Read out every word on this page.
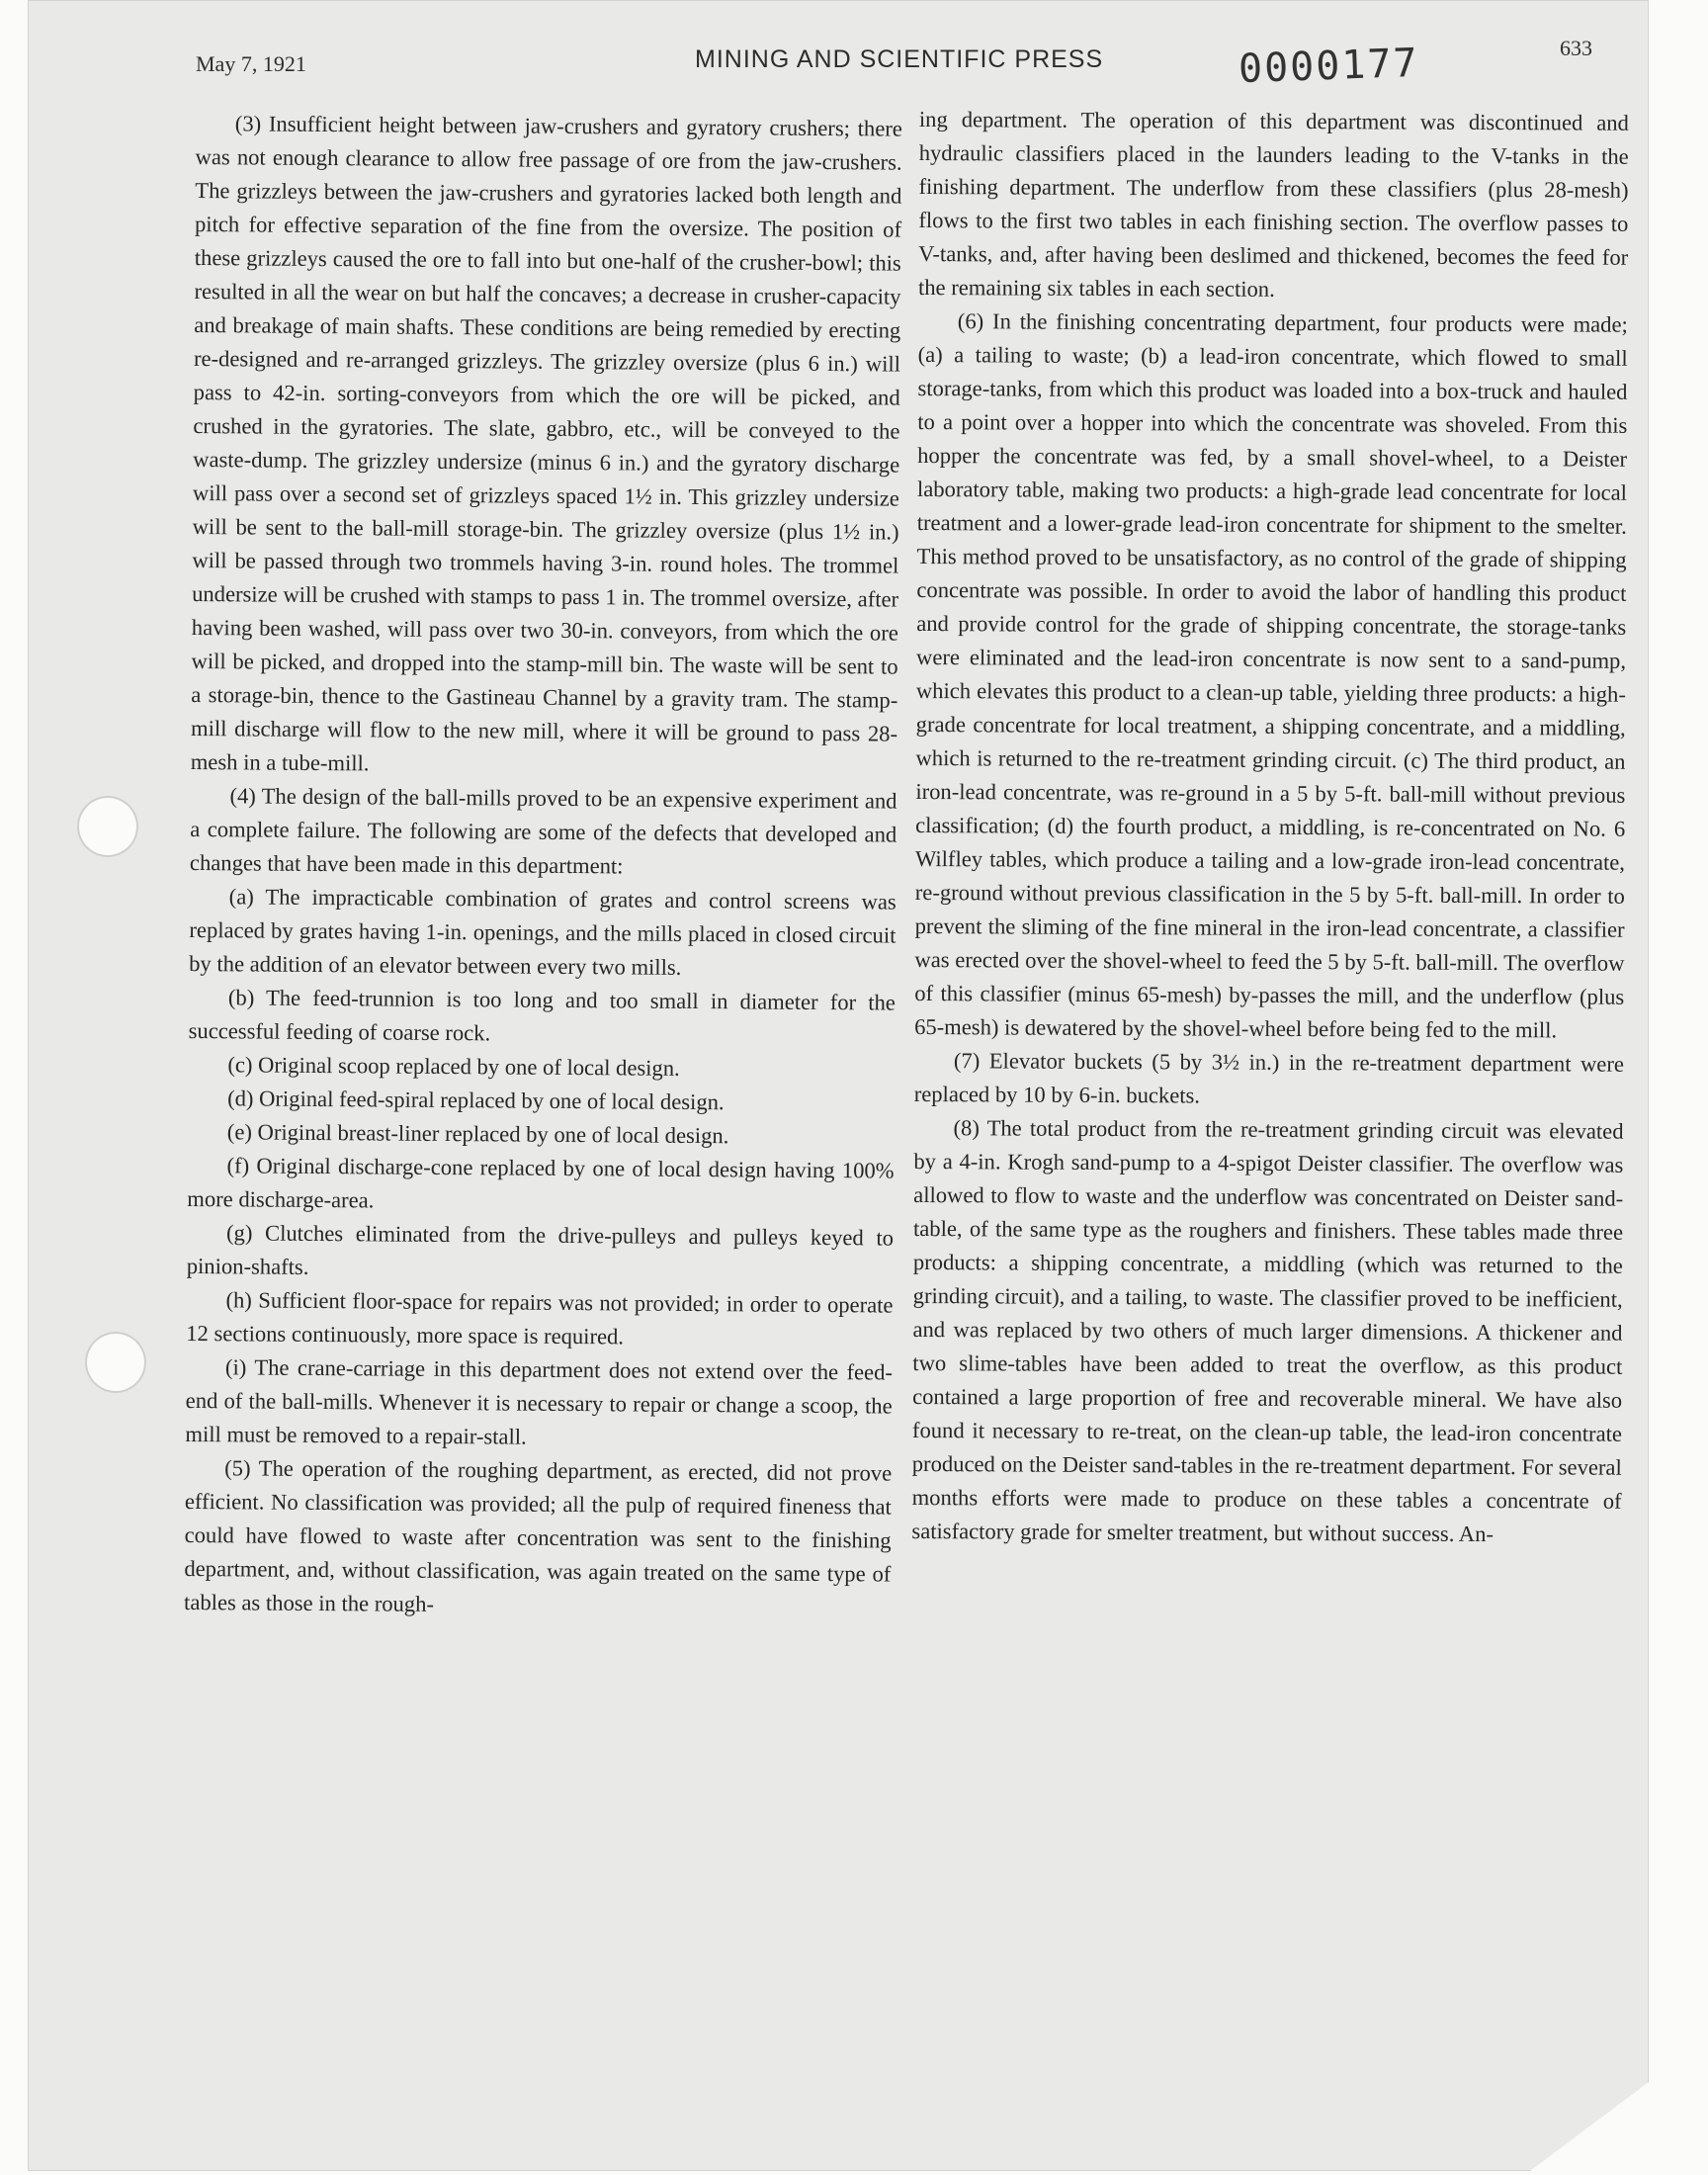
May 7, 1921	MINING AND SCIENTIFIC PRESS	633
0000177

(3) Insufficient height between jaw-crushers and gyratory crushers; there was not enough clearance to allow free passage of ore from the jaw-crushers. The grizzleys between the jaw-crushers and gyratories lacked both length and pitch for effective separation of the fine from the oversize. The position of these grizzleys caused the ore to fall into but one-half of the crusher-bowl; this resulted in all the wear on but half the concaves; a decrease in crusher-capacity and breakage of main shafts. These conditions are being remedied by erecting re-designed and re-arranged grizzleys. The grizzley oversize (plus 6 in.) will pass to 42-in. sorting-conveyors from which the ore will be picked, and crushed in the gyratories. The slate, gabbro, etc., will be conveyed to the waste-dump. The grizzley undersize (minus 6 in.) and the gyratory discharge will pass over a second set of grizzleys spaced 1½ in. This grizzley undersize will be sent to the ball-mill storage-bin. The grizzley oversize (plus 1½ in.) will be passed through two trommels having 3-in. round holes. The trommel undersize will be crushed with stamps to pass 1 in. The trommel oversize, after having been washed, will pass over two 30-in. conveyors, from which the ore will be picked, and dropped into the stamp-mill bin. The waste will be sent to a storage-bin, thence to the Gastineau Channel by a gravity tram. The stamp-mill discharge will flow to the new mill, where it will be ground to pass 28-mesh in a tube-mill.

(4) The design of the ball-mills proved to be an expensive experiment and a complete failure. The following are some of the defects that developed and changes that have been made in this department:

(a) The impracticable combination of grates and control screens was replaced by grates having 1-in. openings, and the mills placed in closed circuit by the addition of an elevator between every two mills.

(b) The feed-trunnion is too long and too small in diameter for the successful feeding of coarse rock.

(c) Original scoop replaced by one of local design.

(d) Original feed-spiral replaced by one of local design.

(e) Original breast-liner replaced by one of local design.

(f) Original discharge-cone replaced by one of local design having 100% more discharge-area.

(g) Clutches eliminated from the drive-pulleys and pulleys keyed to pinion-shafts.

(h) Sufficient floor-space for repairs was not provided; in order to operate 12 sections continuously, more space is required.

(i) The crane-carriage in this department does not extend over the feed-end of the ball-mills. Whenever it is necessary to repair or change a scoop, the mill must be removed to a repair-stall.

(5) The operation of the roughing department, as erected, did not prove efficient. No classification was provided; all the pulp of required fineness that could have flowed to waste after concentration was sent to the finishing department, and, without classification, was again treated on the same type of tables as those in the rough-

ing department. The operation of this department was discontinued and hydraulic classifiers placed in the launders leading to the V-tanks in the finishing department. The underflow from these classifiers (plus 28-mesh) flows to the first two tables in each finishing section. The overflow passes to V-tanks, and, after having been deslimed and thickened, becomes the feed for the remaining six tables in each section.

(6) In the finishing concentrating department, four products were made; (a) a tailing to waste; (b) a lead-iron concentrate, which flowed to small storage-tanks, from which this product was loaded into a box-truck and hauled to a point over a hopper into which the concentrate was shoveled. From this hopper the concentrate was fed, by a small shovel-wheel, to a Deister laboratory table, making two products: a high-grade lead concentrate for local treatment and a lower-grade lead-iron concentrate for shipment to the smelter. This method proved to be unsatisfactory, as no control of the grade of shipping concentrate was possible. In order to avoid the labor of handling this product and provide control for the grade of shipping concentrate, the storage-tanks were eliminated and the lead-iron concentrate is now sent to a sand-pump, which elevates this product to a clean-up table, yielding three products: a high-grade concentrate for local treatment, a shipping concentrate, and a middling, which is returned to the re-treatment grinding circuit. (c) The third product, an iron-lead concentrate, was re-ground in a 5 by 5-ft. ball-mill without previous classification; (d) the fourth product, a middling, is re-concentrated on No. 6 Wilfley tables, which produce a tailing and a low-grade iron-lead concentrate, re-ground without previous classification in the 5 by 5-ft. ball-mill. In order to prevent the sliming of the fine mineral in the iron-lead concentrate, a classifier was erected over the shovel-wheel to feed the 5 by 5-ft. ball-mill. The overflow of this classifier (minus 65-mesh) by-passes the mill, and the underflow (plus 65-mesh) is dewatered by the shovel-wheel before being fed to the mill.

(7) Elevator buckets (5 by 3½ in.) in the re-treatment department were replaced by 10 by 6-in. buckets.

(8) The total product from the re-treatment grinding circuit was elevated by a 4-in. Krogh sand-pump to a 4-spigot Deister classifier. The overflow was allowed to flow to waste and the underflow was concentrated on Deister sand-table, of the same type as the roughers and finishers. These tables made three products: a shipping concentrate, a middling (which was returned to the grinding circuit), and a tailing, to waste. The classifier proved to be inefficient, and was replaced by two others of much larger dimensions. A thickener and two slime-tables have been added to treat the overflow, as this product contained a large proportion of free and recoverable mineral. We have also found it necessary to re-treat, on the clean-up table, the lead-iron concentrate produced on the Deister sand-tables in the re-treatment department. For several months efforts were made to produce on these tables a concentrate of satisfactory grade for smelter treatment, but without success. An-
